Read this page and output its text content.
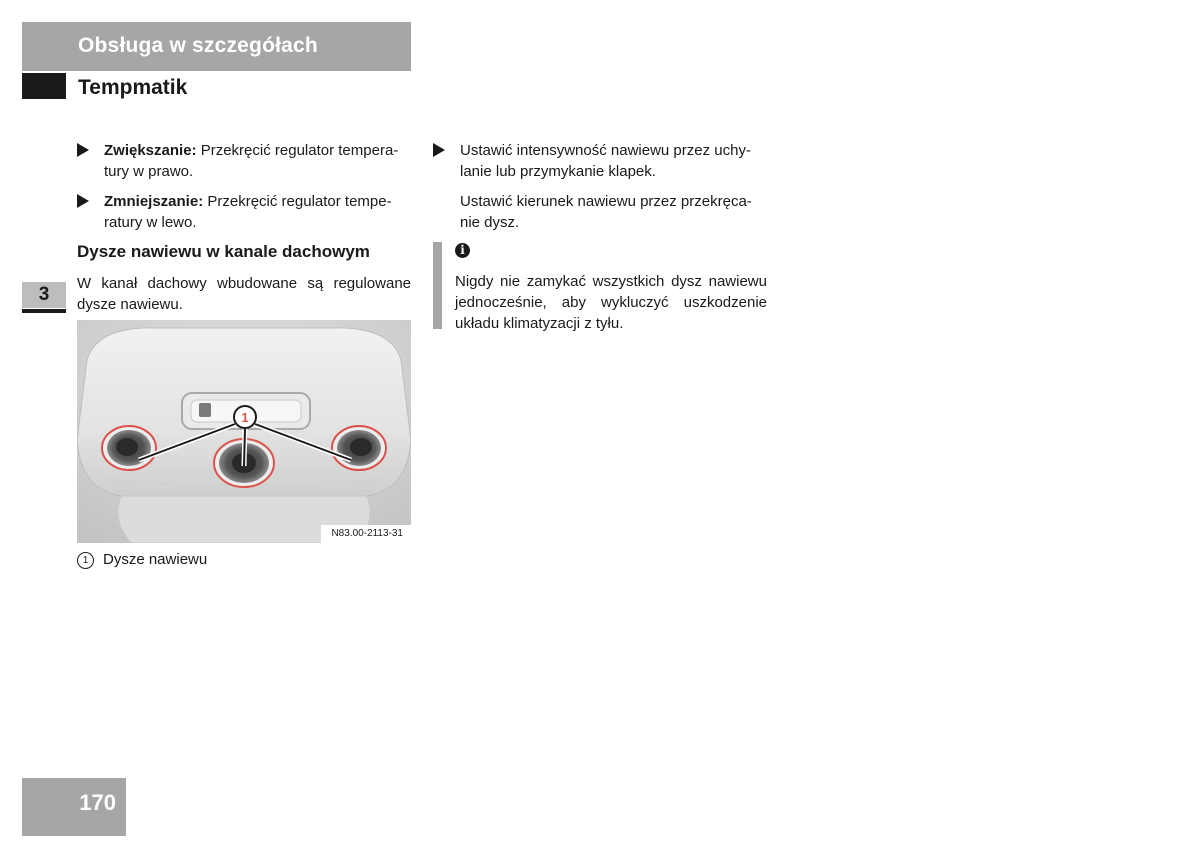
Obsługa w szczegółach
Tempmatik
3
Zwiększanie: Przekręcić regulator tempera-
tury w prawo.
Zmniejszanie: Przekręcić regulator tempe-
ratury w lewo.
Dysze nawiewu w kanale dachowym
W kanał dachowy wbudowane są regulowane
dysze nawiewu.
1
N83.00-2113-31
1 Dysze nawiewu
Ustawić intensywność nawiewu przez uchy-
lanie lub przymykanie klapek.
Ustawić kierunek nawiewu przez przekręca-
nie dysz.
i
Nigdy nie zamykać wszystkich dysz nawiewu
jednocześnie, aby wykluczyć uszkodzenie
układu klimatyzacji z tyłu.
170
